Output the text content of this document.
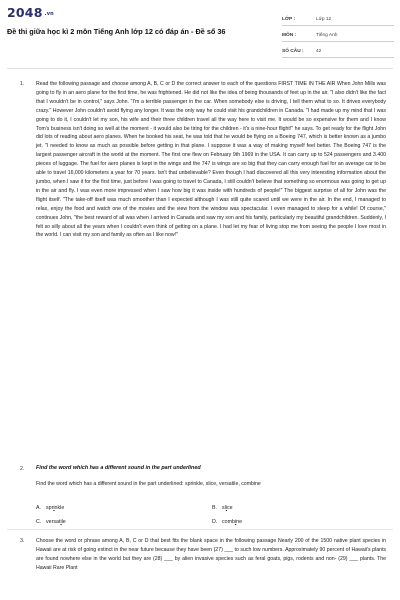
2048 .vn
Đề thi giữa học kì 2 môn Tiếng Anh lớp 12 có đáp án - Đề số 36
LỚP :	Lớp 12
MÔN :	Tiếng Anh
SỐ CÂU :	42
1. Read the following passage and choose among A, B, C or D the correct answer to each of the questions FIRST TIME IN THE AIR When John Mills was going to fly in an aero plane for the first time, he was frightened. He did not like the idea of being thousands of feet up in the air. "I also didn't like the fact that I wouldn't be in control," says John. "I'm a terrible passenger in the car. When somebody else is driving, I tell them what to so. It drives everybody crazy." However John couldn't avoid flying any longer. It was the only way he could visit his grandchildren in Canada. "I had made up my mind that I was going to do it, I couldn't let my son, his wife and their three children travel all the way here to visit me. It would be so expensive for them and I know Tom's business isn't doing so well at the moment - it would also be tiring for the children - it's a nine-hour flight!" he says. To get ready for the flight John did lots of reading about aero planes. When he booked his seat, he was told that he would be flying on a Boeing 747, which is better known as a jumbo jet. "I needed to know as much as possible before getting in that plane. I suppose it was a way of making myself feel better. The Boeing 747 is the largest passenger aircraft in the world at the moment. The first one flew on February 9th 1969 in the USA. It can carry up to 524 passengers and 3.400 pieces of luggage. The fuel for aero planes is kept in the wings and the 747 is wings are so big that they can carry enough fuel for an average car to be able to travel 16,000 kilometers a year for 70 years. Isn't that unbelievable? Even though I had discovered all this very interesting information about the jumbo, when I saw it for the first time, just before I was going to travel to Canada, I still couldn't believe that something so enormous was going to get up in the air and fly. I was even more impressed when I saw how big it was inside with hundreds of people!" The biggest surprise of all for John was the flight itself. "The take-off itself was much smoother than I expected although I was still quite scared until we were in the air. In the end, I managed to relax, enjoy the food and watch one of the movies and the view from the window was spectacular. I even managed to sleep for a while! Of course," continues John, "the best reward of all was when I arrived in Canada and saw my son and his family, particularly my beautiful grandchildren. Suddenly, I felt so silly about all the years when I couldn't even think of getting on a plane. I had let my fear of living stop me from seeing the people I love most in the world. I can visit my son and family as often as I like now!"

2. Find the word which has a different sound in the part underlined
Find the word which has a different sound in the part underlined: sprinkle, slice, versatile, combine
A. sprinkle	B. slice
C. versatile	D. combine
3. Choose the word or phrase among A, B, C or D that best fits the blank space in the following passage Nearly 200 of the 1500 native plant species in Hawaii are at risk of going extinct in the near future because they have been (27) ___ to such low numbers. Approximately 90 percent of Hawaii's plants are found nowhere else in the world but they are (28) ___ by alien invasive species such as feral goats, pigs, rodents and non- (29) ___ plants. The Hawaii Rare Plant
